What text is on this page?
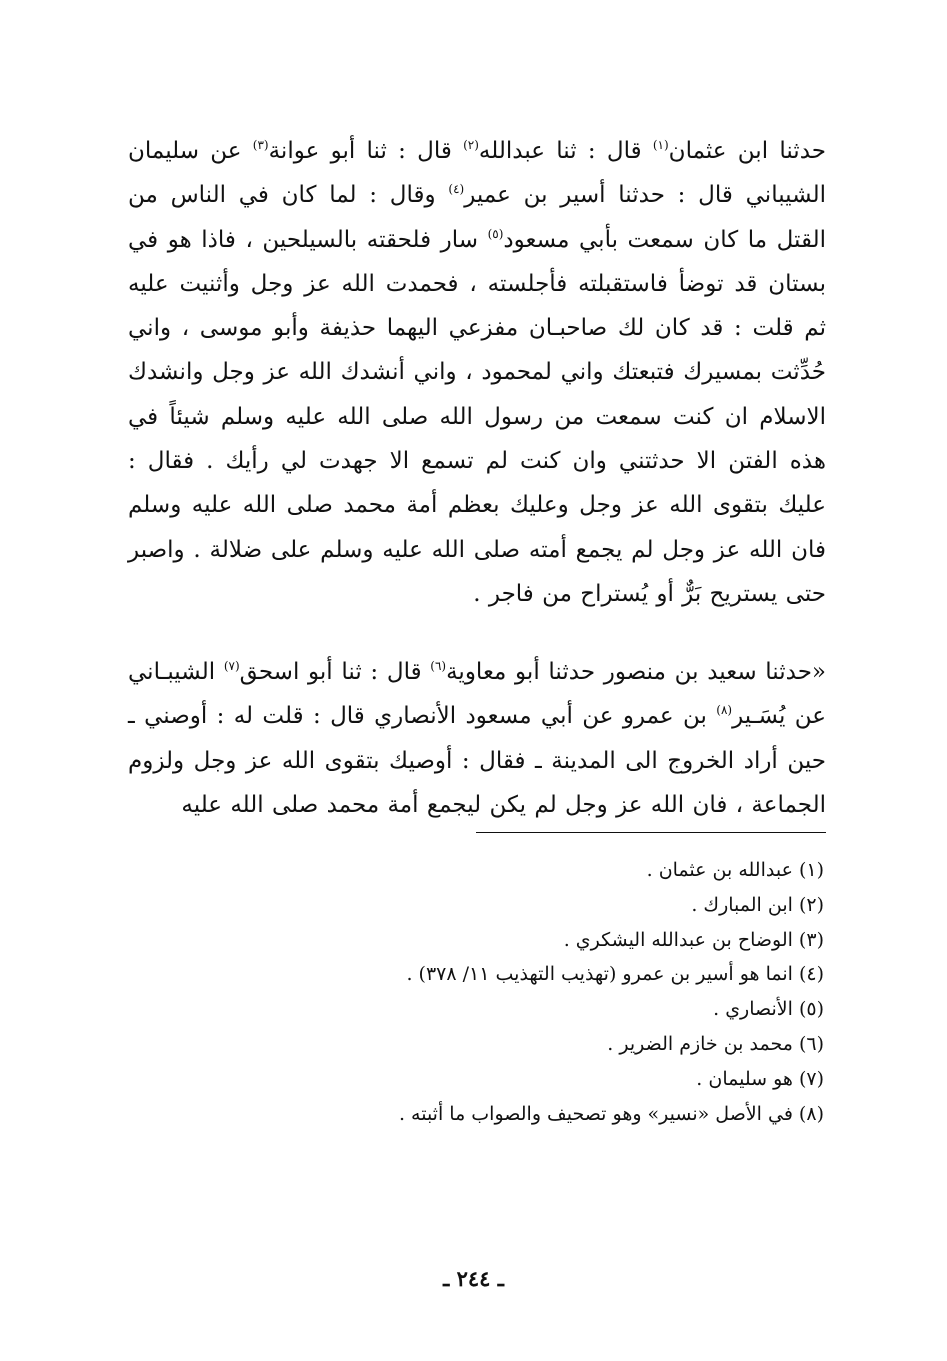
حدثنا ابن عثمان$^{(١)}$ قال : ثنا عبدالله$^{(٢)}$ قال : ثنا أبو عوانة$^{(٣)}$ عن سليمان الشيباني قال : حدثنا أسير بن عمير$^{(٤)}$ وقال : لما كان في الناس من القتل ما كان سمعت بأبي مسعود$^{(٥)}$ سار فلحقته بالسيلحين ، فاذا هو في بستان قد توضأ فاستقبلته فأجلسته ، فحمدت الله عز وجل وأثنيت عليه ثم قلت : قد كان لك صاحبـان مفزعي اليهما حذيفة وأبو موسى ، واني حُدِّثت بمسيرك فتبعتك واني لمحمود ، واني أنشدك الله عز وجل وانشدك الاسلام ان كنت سمعت من رسول الله صلى الله عليه وسلم شيئاً في هذه الفتن الا حدثتني وان كنت لم تسمع الا جهدت لي رأيك . فقال : عليك بتقوى الله عز وجل وعليك بعظم أمة محمد صلى الله عليه وسلم فان الله عز وجل لم يجمع أمته صلى الله عليه وسلم على ضلالة . واصبر حتى يستريح بَرٌّ أو يُستراح من فاجر .

«حدثنا سعيد بن منصور حدثنا أبو معاوية$^{(٦)}$ قال : ثنا أبو اسحق$^{(٧)}$ الشيبـاني عن يُسَـير$^{(٨)}$ بن عمرو عن أبي مسعود الأنصاري قال : قلت له : أوصني ـ حين أراد الخروج الى المدينة ـ فقال : أوصيك بتقوى الله عز وجل ولزوم الجماعة ، فان الله عز وجل لم يكن ليجمع أمة محمد صلى الله عليه

(١) عبدالله بن عثمان .
(٢) ابن المبارك .
(٣) الوضاح بن عبدالله اليشكري .
(٤) انما هو أسير بن عمرو (تهذيب التهذيب ١١/ ٣٧٨) .
(٥) الأنصاري .
(٦) محمد بن خازم الضرير .
(٧) هو سليمان .
(٨) في الأصل «نسير» وهو تصحيف والصواب ما أثبته .
ـ ٢٤٤ ـ
